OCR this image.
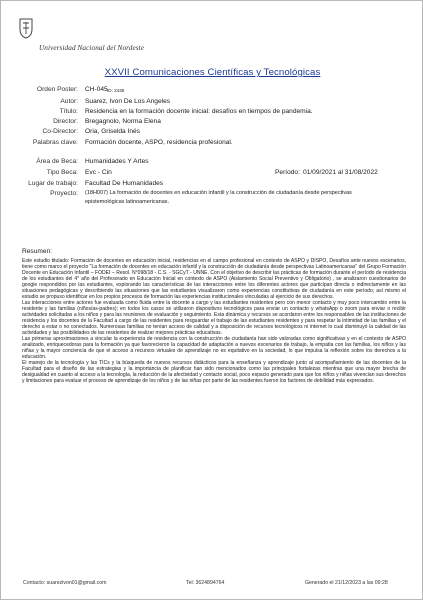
Universidad Nacional del Nordeste
XXVII Comunicaciones Científicas y Tecnológicas
Orden Poster: CH-045 ID: 2435
Autor: Suarez, Ivon De Los Angeles
Título: Residencia en la formación docente inicial: desafíos en tiempos de pandemia.
Director: Bregagnolo, Norma Elena
Co-Director: Oria, Griselda Inés
Palabras clave: Formación docente, ASPO, residencia profesional.
Área de Beca: Humanidades Y Artes
Tipo Beca: Evc - Cin	Período: 01/09/2021 al 31/08/2022
Lugar de trabajo: Facultad De Humanidades
Proyecto: (18H007) La formación de docentes en educación infantil y la construcción de ciudadanía desde perspectivas
epistemológicas latinoamericanas.
Resumen:

Este estudio titulado: Formación de docentes en educación inicial, residencias en el campo profesional en contexto de ASPO y DISPO, Desafíos ante nuevos escenarios, tiene como marco el proyecto "La formación de docentes en educación infantil y la construcción de ciudadanía desde perspectivas Latinoamericanas" del Grupo Formación Docente en Educación Infantil – FODEI – Resol. N°098/18 - C.S. - SGCyT - UNNE. Con el objetivo de describir las prácticas de formación durante el período de residencia de los estudiantes del 4° año del Profesorado en Educación Inicial en contexto de ASPO (Aislamiento Social Preventivo y Obligatorio) , se analizaron cuestionarios de google respondidos por las estudiantes, explorando las características de las interacciones entre los diferentes actores que participan directa o indirectamente en las situaciones pedagógicas y describiendo las situaciones que las estudiantes visualizaron como experiencias constitutivas de ciudadanía en este período; así mismo el estudio se propuso identificar en los propios procesos de formación las experiencias institucionales vinculadas al ejercicio de sus derechos.

Las interacciones entre actores fue evaluada como fluida entre la docente a cargo y las estudiantes residentes pero con menor contacto y muy poco intercambio entre la residente y las familias (niños/as-padres); en todos los casos se utilizaron dispositivos tecnológicos para enviar un contacto y whatsApp o zoom para enviar o recibir actividades solicitadas a los niños y para las reuniones de evaluación y seguimiento. Esta dinámica y recursos se acordaron entre los responsables de las instituciones de residencia y los docentes de la Facultad a cargo de las residentes para resguardar el trabajo de las estudiantes residentes y para respetar la intimidad de las familias y el derecho a estar o no conectados. Numerosas familias no tenían acceso de calidad y a disposición de recursos tecnológicos ni internet lo cual disminuyó la calidad de las actividades y las posibilidades de las residentes de realizar mejores prácticas educativas.

Las primeras aproximaciones a vincular la experiencia de residencia con la construcción de ciudadanía han sido valoradas como significativas y en el contexto de ASPO analizado, enriquecedoras para la formación ya que favorecieron la capacidad de adaptación a nuevos escenarios de trabajo, la empatía con las familias, los niños y las niñas y la mayor conciencia de que el acceso a recursos virtuales de aprendizaje no es equitativo en la sociedad, lo que impulsa la reflexión sobre los derechos a la educación.

El manejo de la tecnología y las TICs y la búsqueda de nuevos recursos didácticos para la enseñanza y aprendizaje junto al acompañamiento de las docentes de la Facultad para el diseño de las estrategias y la importancia de planificar han sido mencionados como las principales fortalezas mientras que una mayor brecha de desigualdad en cuanto al acceso a la tecnología, la reducción de la afectividad y contacto social, poco espacio generado para que los niños y niñas vivencian sus derechos y limitaciones para evaluar el proceso de aprendizaje de los niños y de las niñas por parte de las residentes fueron los factores de debilidad más expresados.

Contacto: suarezivon01@gmail.com	Tel: 3624894764	Generado el 21/12/2023 a las 09:28
